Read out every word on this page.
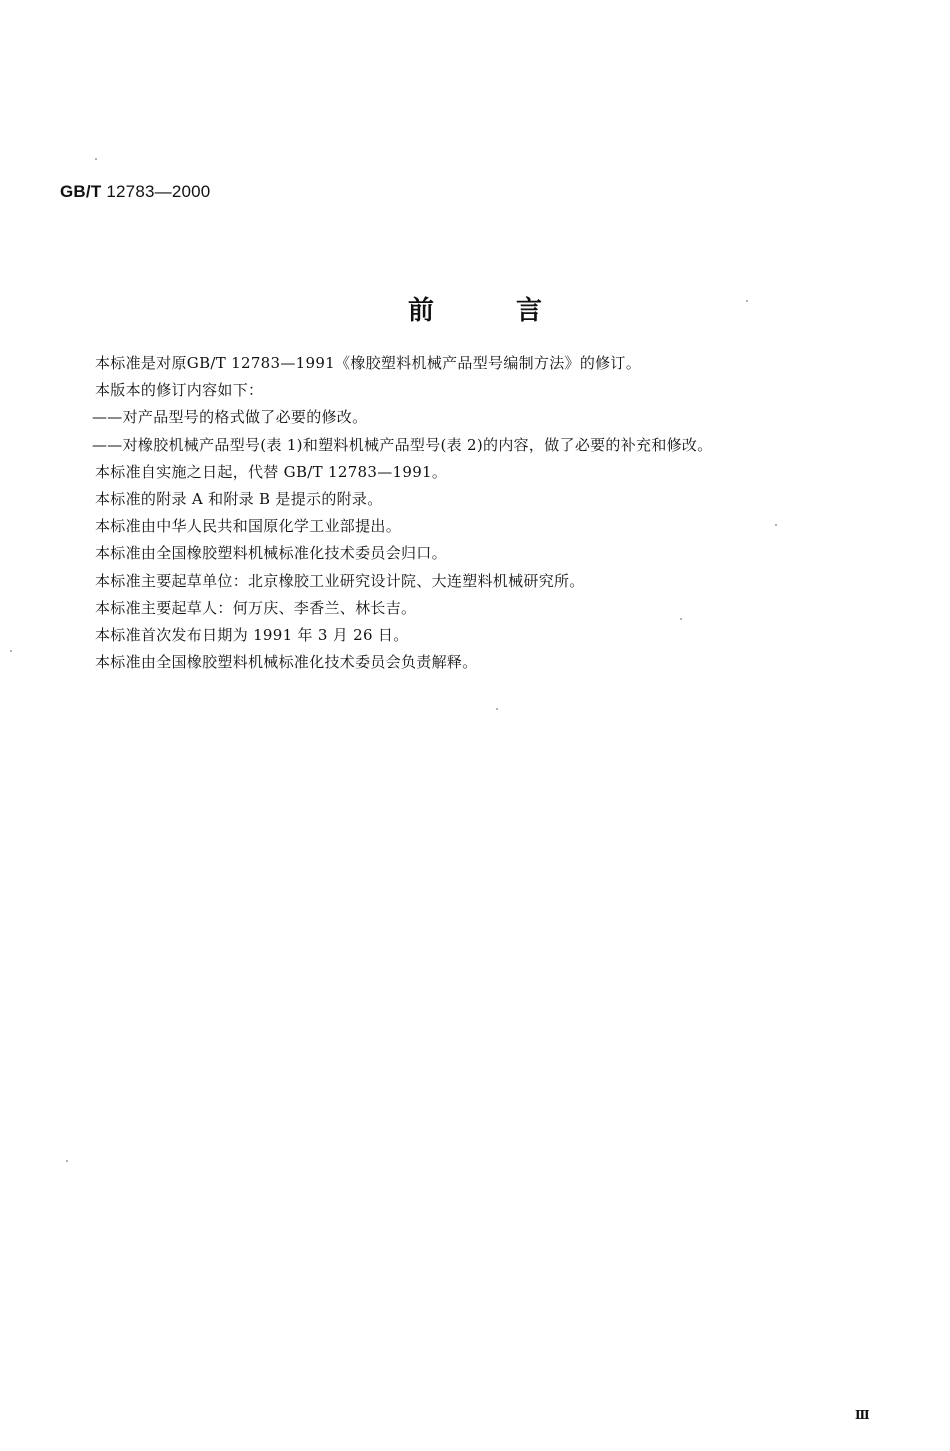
GB/T 12783—2000
前言
本标准是对原GB/T 12783—1991《橡胶塑料机械产品型号编制方法》的修订。
本版本的修订内容如下：
——对产品型号的格式做了必要的修改。
——对橡胶机械产品型号(表 1)和塑料机械产品型号(表 2)的内容，做了必要的补充和修改。
本标准自实施之日起，代替 GB/T 12783—1991。
本标准的附录 A 和附录 B 是提示的附录。
本标准由中华人民共和国原化学工业部提出。
本标准由全国橡胶塑料机械标准化技术委员会归口。
本标准主要起草单位：北京橡胶工业研究设计院、大连塑料机械研究所。
本标准主要起草人：何万庆、李香兰、林长吉。
本标准首次发布日期为 1991 年 3 月 26 日。
本标准由全国橡胶塑料机械标准化技术委员会负责解释。
Ⅲ
